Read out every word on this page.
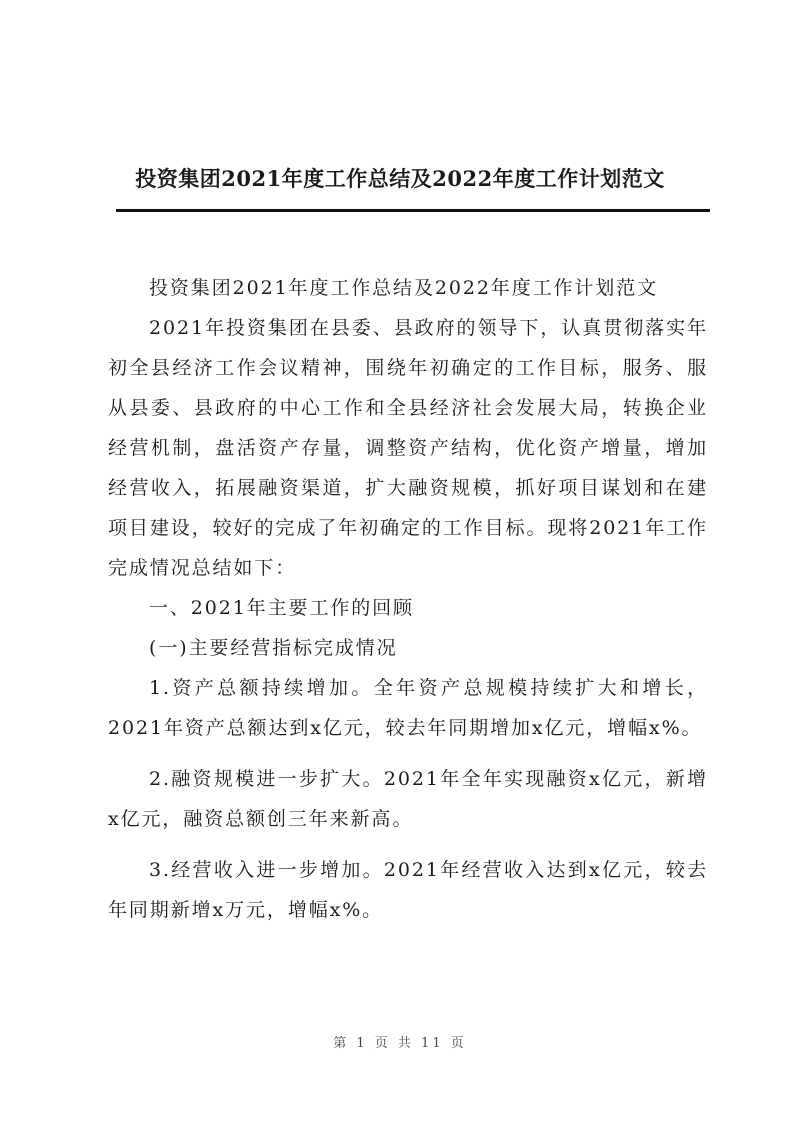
投资集团2021年度工作总结及2022年度工作计划范文

投资集团2021年度工作总结及2022年度工作计划范文

2021年投资集团在县委、县政府的领导下，认真贯彻落实年初全县经济工作会议精神，围绕年初确定的工作目标，服务、服从县委、县政府的中心工作和全县经济社会发展大局，转换企业经营机制，盘活资产存量，调整资产结构，优化资产增量，增加经营收入，拓展融资渠道，扩大融资规模，抓好项目谋划和在建项目建设，较好的完成了年初确定的工作目标。现将2021年工作完成情况总结如下：

一、2021年主要工作的回顾

(一)主要经营指标完成情况

1.资产总额持续增加。全年资产总规模持续扩大和增长，2021年资产总额达到x亿元，较去年同期增加x亿元，增幅x%。

2.融资规模进一步扩大。2021年全年实现融资x亿元，新增x亿元，融资总额创三年来新高。

3.经营收入进一步增加。2021年经营收入达到x亿元，较去年同期新增x万元，增幅x%。

第 1 页 共 11 页
